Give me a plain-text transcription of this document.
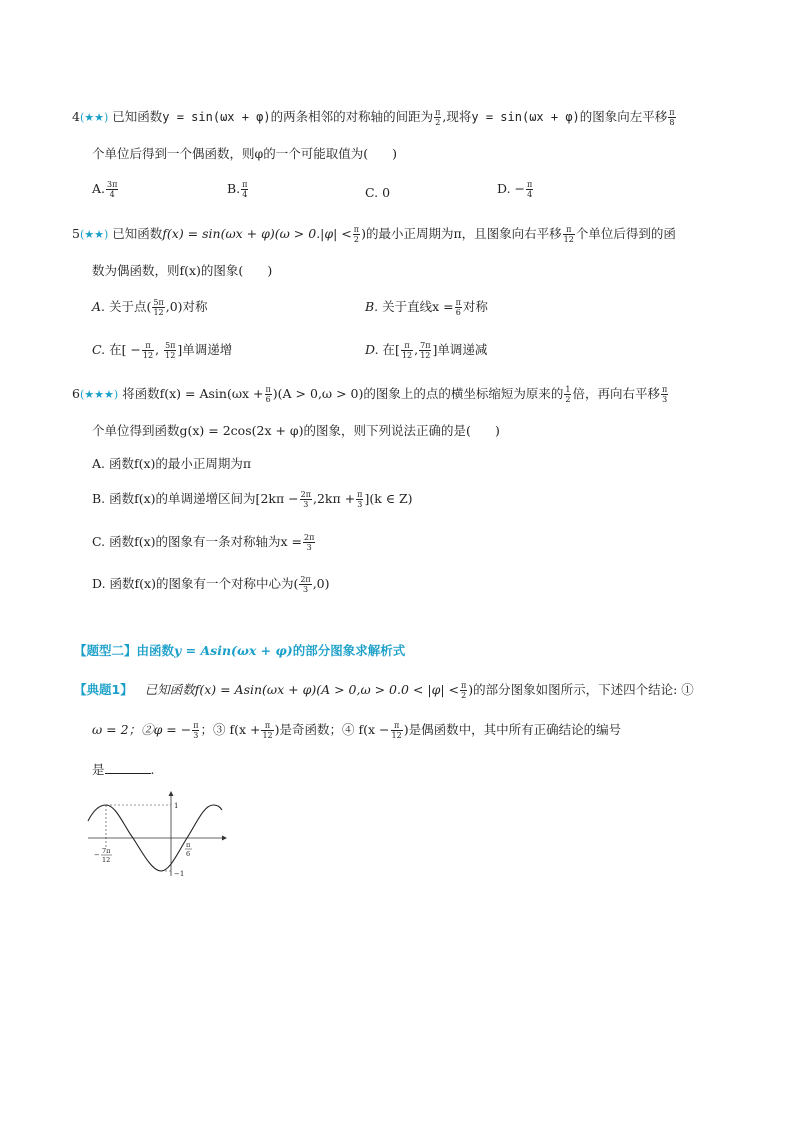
4(★★) 已知函数y = sin(ωx + φ)的两条相邻的对称轴的间距为 $\frac{\pi}{2}$ ,现将y = sin(ωx + φ)的图象向左平移 $\frac{\pi}{8}$
个单位后得到一个偶函数，则φ的一个可能取值为( )
A. $\frac{3\pi}{4}$	B. $\frac{\pi}{4}$	C. 0	D. − $\frac{\pi}{4}$
5(★★) 已知函数$f(x) = \sin(\omega x + \varphi)(\omega > 0.|\varphi| < \frac{\pi}{2}$ )的最小正周期为π，且图象向右平移 $\frac{\pi}{12}$ 个单位后得到的函
数为偶函数，则f(x)的图象( )
A. 关于点( $\frac{5\pi}{12} ,0$)对称	B. 关于直线$x = \frac{\pi}{6}$ 对称
C. 在[ − $\frac{\pi}{12}$ , $\frac{5\pi}{12}$ ]单调递增	D. 在[ $\frac{\pi}{12}$ , $\frac{7\pi}{12}$ ]单调递减
6(★★★) 将函数$f(x) = Asin(\omega x + \frac{\pi}{6} )(A > 0,\omega > 0)$的图象上的点的横坐标缩短为原来的 $\frac{1}{2}$ 倍，再向右平移 $\frac{\pi}{3}$
个单位得到函数g(x) = 2cos(2x + φ)的图象，则下列说法正确的是( )
A. 函数f(x)的最小正周期为π
B. 函数f(x)的单调递增区间为$[2k\pi - \frac{2\pi}{3} ,2k\pi + \frac{\pi}{3} ](k$ ∈ Z)
C. 函数f(x)的图象有一条对称轴为$x = \frac{2\pi}{3}$
D. 函数f(x)的图象有一个对称中心为( $\frac{2\pi}{3} ,0$)
【题型二】由函数y = Asin(ωx + φ)的部分图象求解析式
【典题1】 已知函数$f(x) = Asin(\omega x + \varphi)(A > 0,\omega > 0.0 < |\varphi| < \frac{\pi}{2}$ )的部分图象如图所示，下述四个结论: ①
ω = 2；②φ = − $\frac{\pi}{3}$ ；③ $f(x + \frac{\pi}{12}$ )是奇函数；④ $f(x - \frac{\pi}{12}$ )是偶函数中，其中所有正确结论的编号
是	.
1
−1
− 7π
12
π
6
